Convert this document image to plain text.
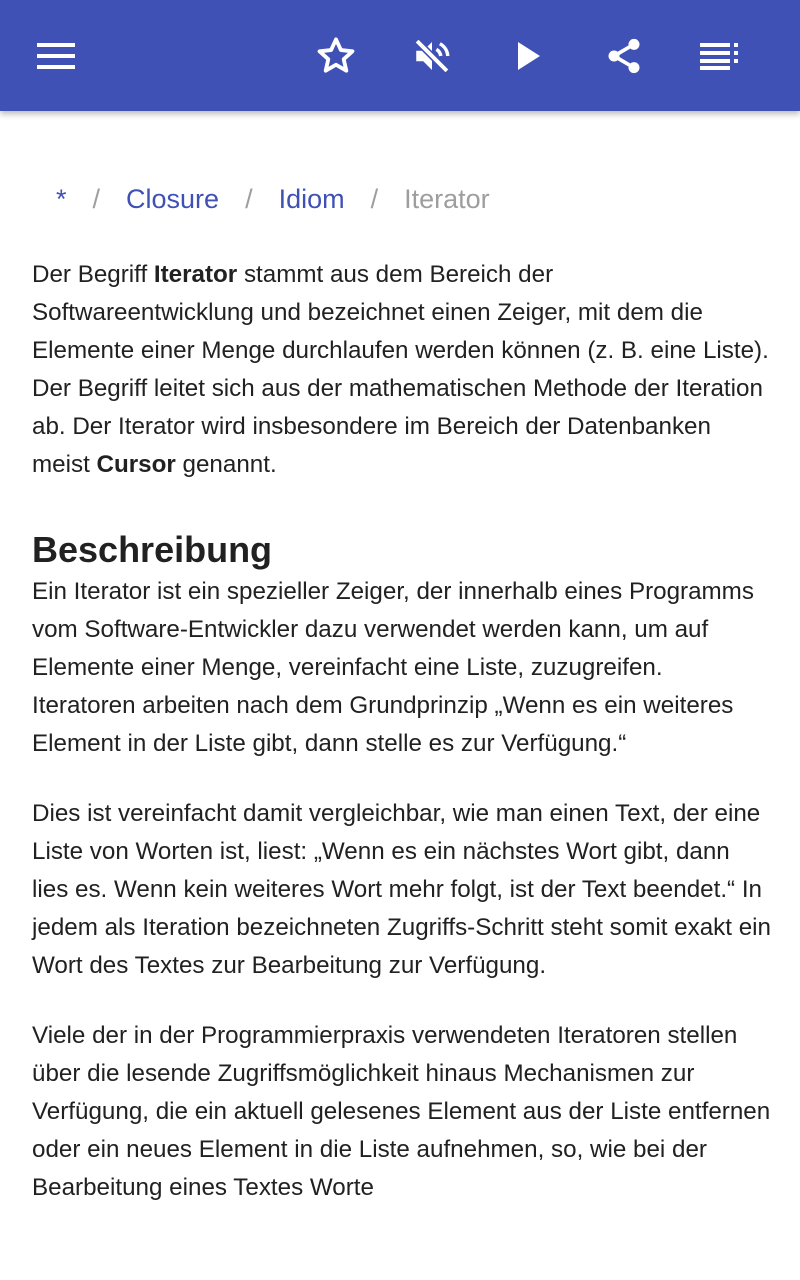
* / Closure / Idiom / Iterator

Der Begriff Iterator stammt aus dem Bereich der Softwareentwicklung und bezeichnet einen Zeiger, mit dem die Elemente einer Menge durchlaufen werden können (z. B. eine Liste). Der Begriff leitet sich aus der mathematischen Methode der Iteration ab. Der Iterator wird insbesondere im Bereich der Datenbanken meist Cursor genannt.

Beschreibung

Ein Iterator ist ein spezieller Zeiger, der innerhalb eines Programms vom Software-Entwickler dazu verwendet werden kann, um auf Elemente einer Menge, vereinfacht eine Liste, zuzugreifen. Iteratoren arbeiten nach dem Grundprinzip „Wenn es ein weiteres Element in der Liste gibt, dann stelle es zur Verfügung.“

Dies ist vereinfacht damit vergleichbar, wie man einen Text, der eine Liste von Worten ist, liest: „Wenn es ein nächstes Wort gibt, dann lies es. Wenn kein weiteres Wort mehr folgt, ist der Text beendet.“ In jedem als Iteration bezeichneten Zugriffs-Schritt steht somit exakt ein Wort des Textes zur Bearbeitung zur Verfügung.

Viele der in der Programmierpraxis verwendeten Iteratoren stellen über die lesende Zugriffsmöglichkeit hinaus Mechanismen zur Verfügung, die ein aktuell gelesenes Element aus der Liste entfernen oder ein neues Element in die Liste aufnehmen, so, wie bei der Bearbeitung eines Textes Worte
